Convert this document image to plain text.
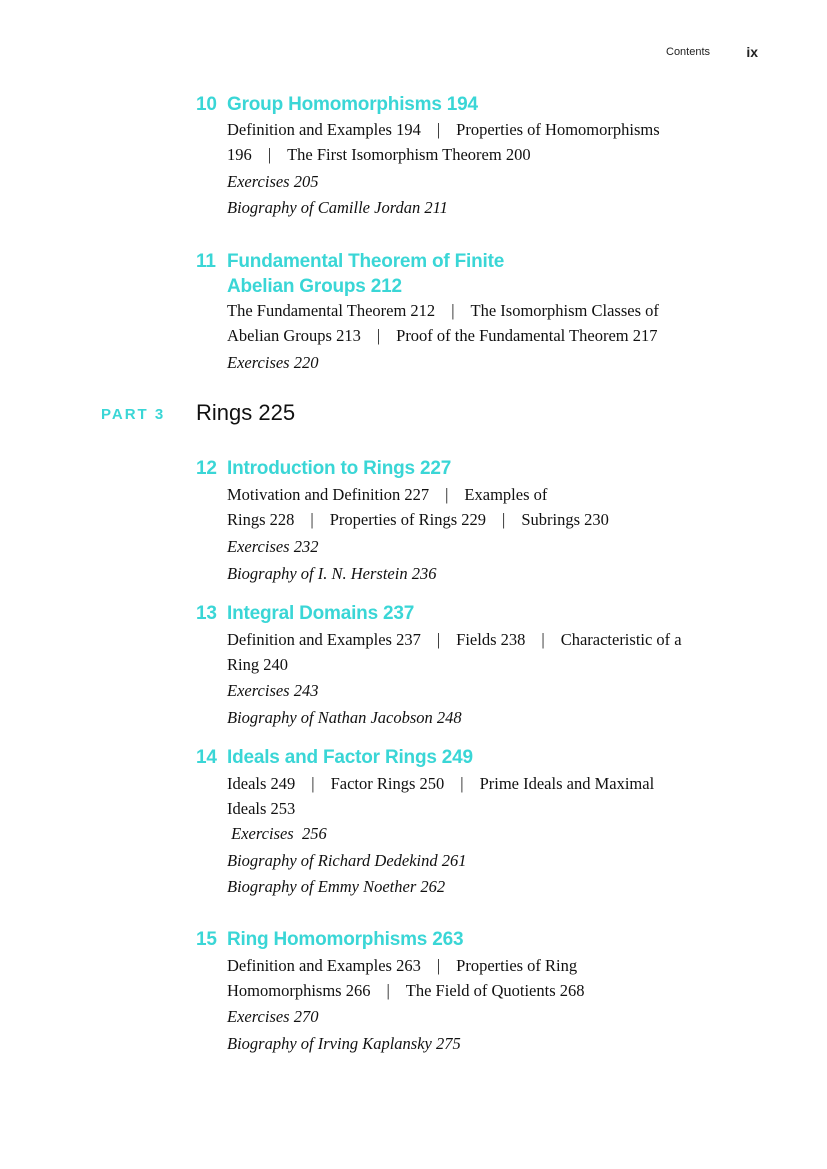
Contents	ix
10 Group Homomorphisms 194
Definition and Examples 194 | Properties of Homomorphisms
196 | The First Isomorphism Theorem 200
Exercises 205
Biography of Camille Jordan 211
11 Fundamental Theorem of Finite
Abelian Groups 212
The Fundamental Theorem 212 | The Isomorphism Classes of
Abelian Groups 213 | Proof of the Fundamental Theorem 217
Exercises 220
PART 3 Rings 225
12 Introduction to Rings 227
Motivation and Definition 227 | Examples of
Rings 228 | Properties of Rings 229 | Subrings 230
Exercises 232
Biography of I. N. Herstein 236
13 Integral Domains 237
Definition and Examples 237 | Fields 238 | Characteristic of a
Ring 240
Exercises 243
Biography of Nathan Jacobson 248
14 Ideals and Factor Rings 249
Ideals 249 | Factor Rings 250 | Prime Ideals and Maximal
Ideals 253
Exercises  256
Biography of Richard Dedekind 261
Biography of Emmy Noether 262
15 Ring Homomorphisms 263
Definition and Examples 263 | Properties of Ring
Homomorphisms 266 | The Field of Quotients 268
Exercises 270
Biography of Irving Kaplansky 275
